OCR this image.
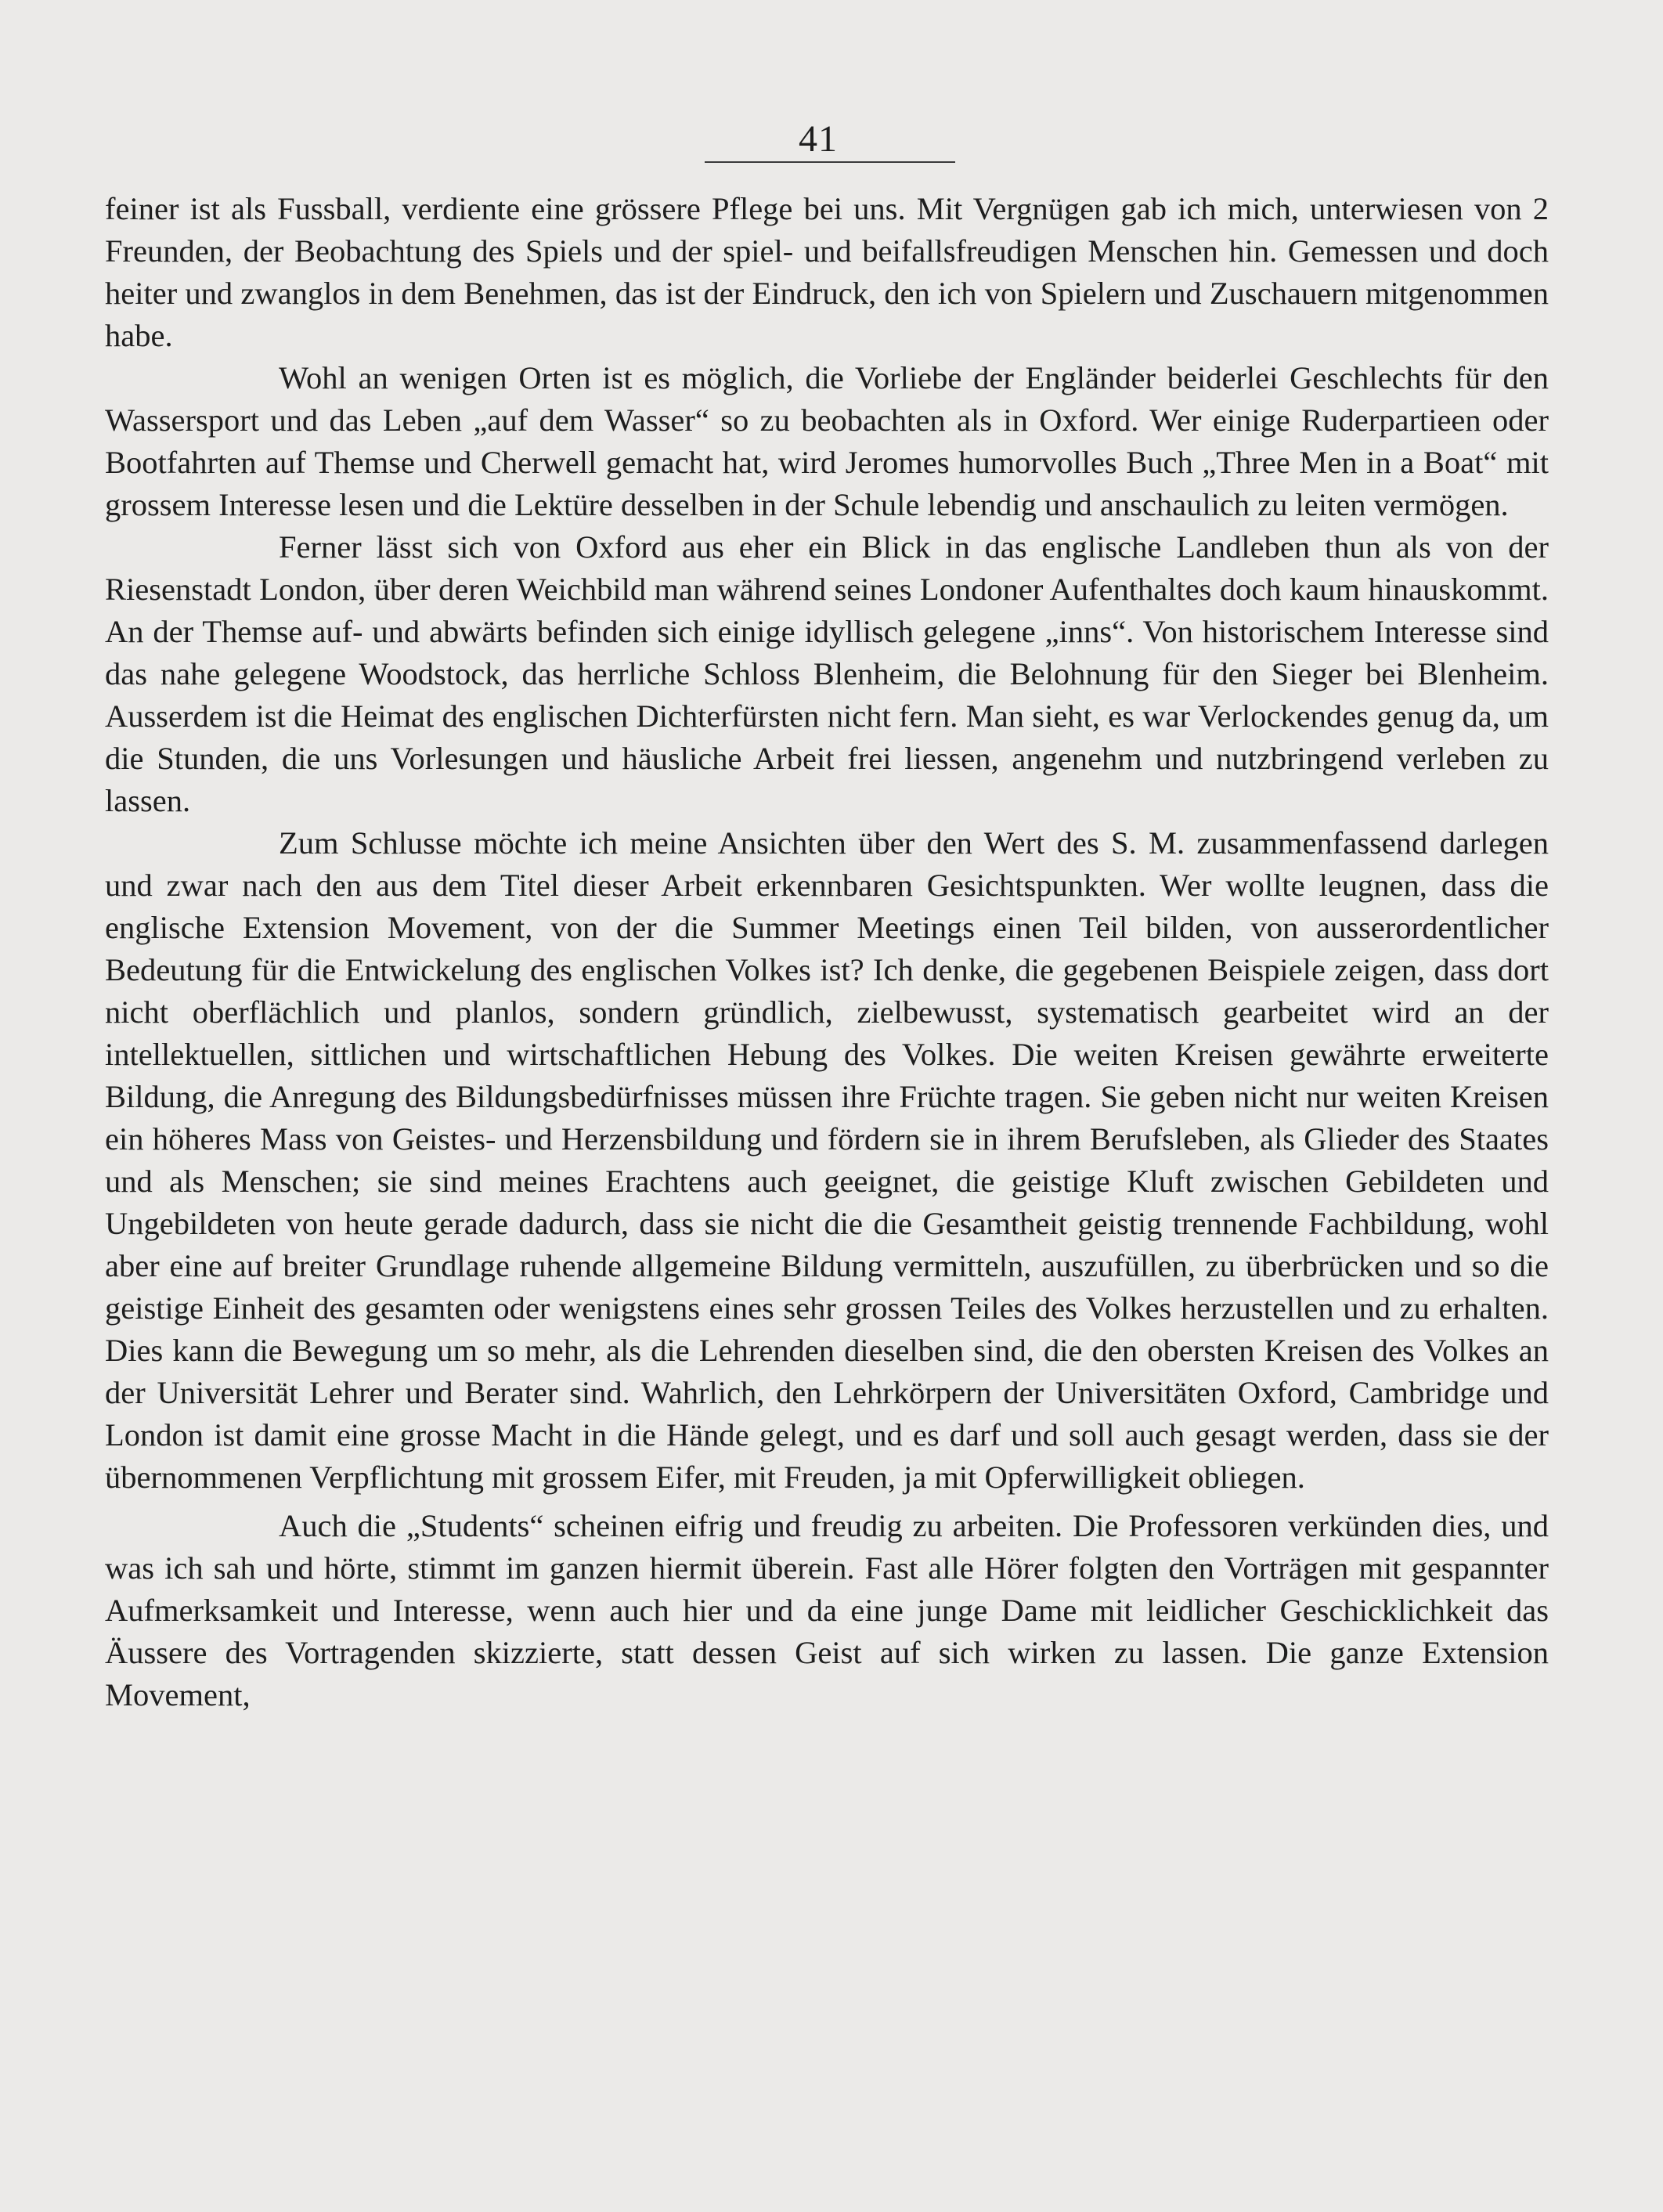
41

feiner ist als Fussball, verdiente eine grössere Pflege bei uns. Mit Vergnügen gab ich mich, unterwiesen von 2 Freunden, der Beobachtung des Spiels und der spiel- und beifallsfreudigen Menschen hin. Gemessen und doch heiter und zwanglos in dem Benehmen, das ist der Eindruck, den ich von Spielern und Zuschauern mitgenommen habe.

Wohl an wenigen Orten ist es möglich, die Vorliebe der Engländer beiderlei Geschlechts für den Wassersport und das Leben „auf dem Wasser“ so zu beobachten als in Oxford. Wer einige Ruderpartieen oder Bootfahrten auf Themse und Cherwell gemacht hat, wird Jeromes humorvolles Buch „Three Men in a Boat“ mit grossem Interesse lesen und die Lektüre desselben in der Schule lebendig und anschaulich zu leiten vermögen.

Ferner lässt sich von Oxford aus eher ein Blick in das englische Landleben thun als von der Riesenstadt London, über deren Weichbild man während seines Londoner Aufenthaltes doch kaum hinauskommt. An der Themse auf- und abwärts befinden sich einige idyllisch gelegene „inns“. Von historischem Interesse sind das nahe gelegene Woodstock, das herrliche Schloss Blenheim, die Belohnung für den Sieger bei Blenheim. Ausserdem ist die Heimat des englischen Dichterfürsten nicht fern. Man sieht, es war Verlockendes genug da, um die Stunden, die uns Vorlesungen und häusliche Arbeit frei liessen, angenehm und nutzbringend verleben zu lassen.

Zum Schlusse möchte ich meine Ansichten über den Wert des S. M. zusammenfassend darlegen und zwar nach den aus dem Titel dieser Arbeit erkennbaren Gesichtspunkten. Wer wollte leugnen, dass die englische Extension Movement, von der die Summer Meetings einen Teil bilden, von ausserordentlicher Bedeutung für die Entwickelung des englischen Volkes ist? Ich denke, die gegebenen Beispiele zeigen, dass dort nicht oberflächlich und planlos, sondern gründlich, zielbewusst, systematisch gearbeitet wird an der intellektuellen, sittlichen und wirtschaftlichen Hebung des Volkes. Die weiten Kreisen gewährte erweiterte Bildung, die Anregung des Bildungsbedürfnisses müssen ihre Früchte tragen. Sie geben nicht nur weiten Kreisen ein höheres Mass von Geistes- und Herzensbildung und fördern sie in ihrem Berufsleben, als Glieder des Staates und als Menschen; sie sind meines Erachtens auch geeignet, die geistige Kluft zwischen Gebildeten und Ungebildeten von heute gerade dadurch, dass sie nicht die die Gesamtheit geistig trennende Fachbildung, wohl aber eine auf breiter Grundlage ruhende allgemeine Bildung vermitteln, auszufüllen, zu überbrücken und so die geistige Einheit des gesamten oder wenigstens eines sehr grossen Teiles des Volkes herzustellen und zu erhalten. Dies kann die Bewegung um so mehr, als die Lehrenden dieselben sind, die den obersten Kreisen des Volkes an der Universität Lehrer und Berater sind. Wahrlich, den Lehrkörpern der Universitäten Oxford, Cambridge und London ist damit eine grosse Macht in die Hände gelegt, und es darf und soll auch gesagt werden, dass sie der übernommenen Verpflichtung mit grossem Eifer, mit Freuden, ja mit Opferwilligkeit obliegen.

Auch die „Students“ scheinen eifrig und freudig zu arbeiten. Die Professoren verkünden dies, und was ich sah und hörte, stimmt im ganzen hiermit überein. Fast alle Hörer folgten den Vorträgen mit gespannter Aufmerksamkeit und Interesse, wenn auch hier und da eine junge Dame mit leidlicher Geschicklichkeit das Äussere des Vortragenden skizzierte, statt dessen Geist auf sich wirken zu lassen. Die ganze Extension Movement,
